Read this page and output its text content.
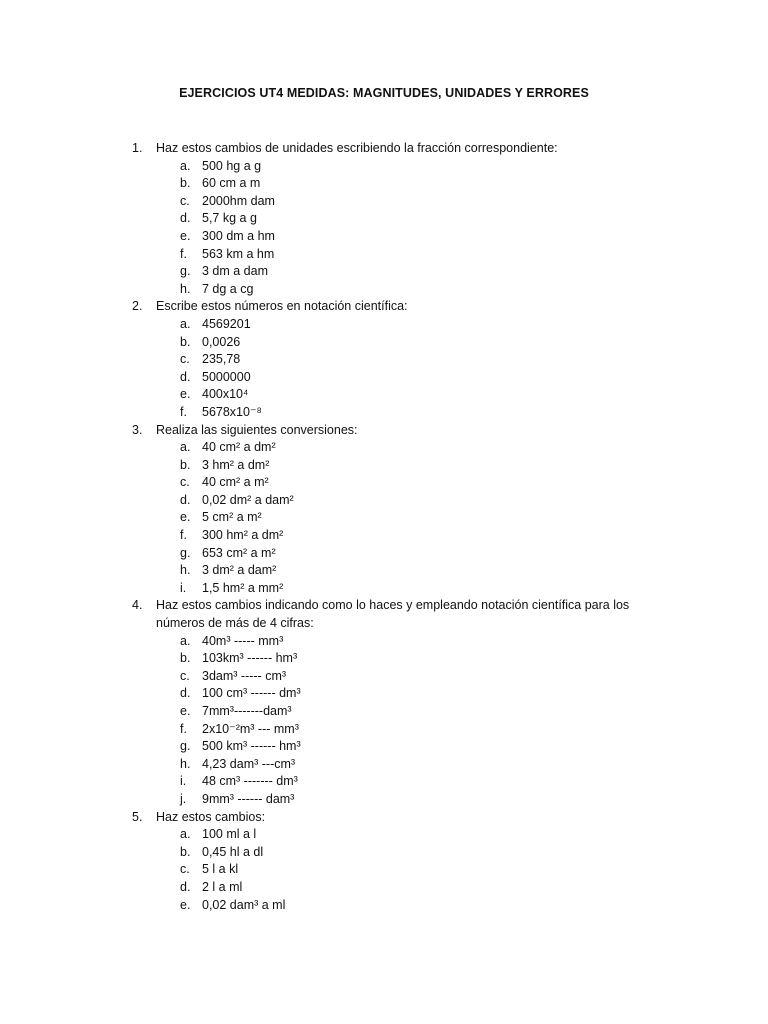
EJERCICIOS UT4 MEDIDAS: MAGNITUDES, UNIDADES Y ERRORES
1.	Haz estos cambios de unidades escribiendo la fracción correspondiente:
a. 500 hg a g
b. 60 cm a m
c. 2000hm dam
d. 5,7 kg a g
e. 300 dm a hm
f.	563 km a hm
g. 3 dm a dam
h. 7 dg a cg
2.	Escribe estos números en notación científica:
a. 4569201
b. 0,0026
c. 235,78
d. 5000000
e. 400x10⁴
f.	5678x10⁻⁸
3.	Realiza las siguientes conversiones:
a. 40 cm² a dm²
b. 3 hm² a dm²
c. 40 cm² a m²
d. 0,02 dm² a dam²
e. 5 cm² a m²
f.	300 hm² a dm²
g. 653 cm² a m²
h. 3 dm² a dam²
i.	1,5 hm² a mm²
4.	Haz estos cambios indicando como lo haces y empleando notación científica para los números de más de 4 cifras:
a. 40m³ ----- mm³
b. 103km³ ------ hm³
c. 3dam³ ----- cm³
d. 100 cm³ ------ dm³
e. 7mm³-------dam³
f.	2x10⁻²m³ --- mm³
g. 500 km³ ------ hm³
h. 4,23 dam³ ---cm³
i.	48 cm³ ------- dm³
j.	9mm³ ------ dam³
5.	Haz estos cambios:
a. 100 ml a l
b. 0,45 hl a dl
c. 5 l a kl
d. 2 l a ml
e. 0,02 dam³ a ml
